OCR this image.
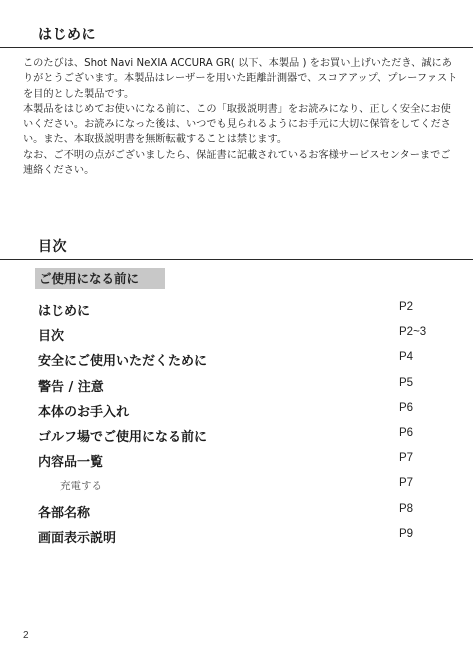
はじめに

このたびは、Shot Navi NeXIA ACCURA GR( 以下、本製品 ) をお買い上げいただき、誠にありがとうございます。本製品はレーザーを用いた距離計測器で、スコアアップ、プレーファストを目的とした製品です。

本製品をはじめてお使いになる前に、この「取扱説明書」をお読みになり、正しく安全にお使いください。お読みになった後は、いつでも見られるようにお手元に大切に保管をしてください。また、本取扱説明書を無断転載することは禁じます。

なお、ご不明の点がございましたら、保証書に記載されているお客様サービスセンターまでご連絡ください。

目次
ご使用になる前に
はじめに	P2
目次	P2~3
安全にご使用いただくために	P4
警告 / 注意	P5
本体のお手入れ	P6
ゴルフ場でご使用になる前に	P6
内容品一覧	P7
充電する	P7
各部名称	P8
画面表示説明	P9
2
